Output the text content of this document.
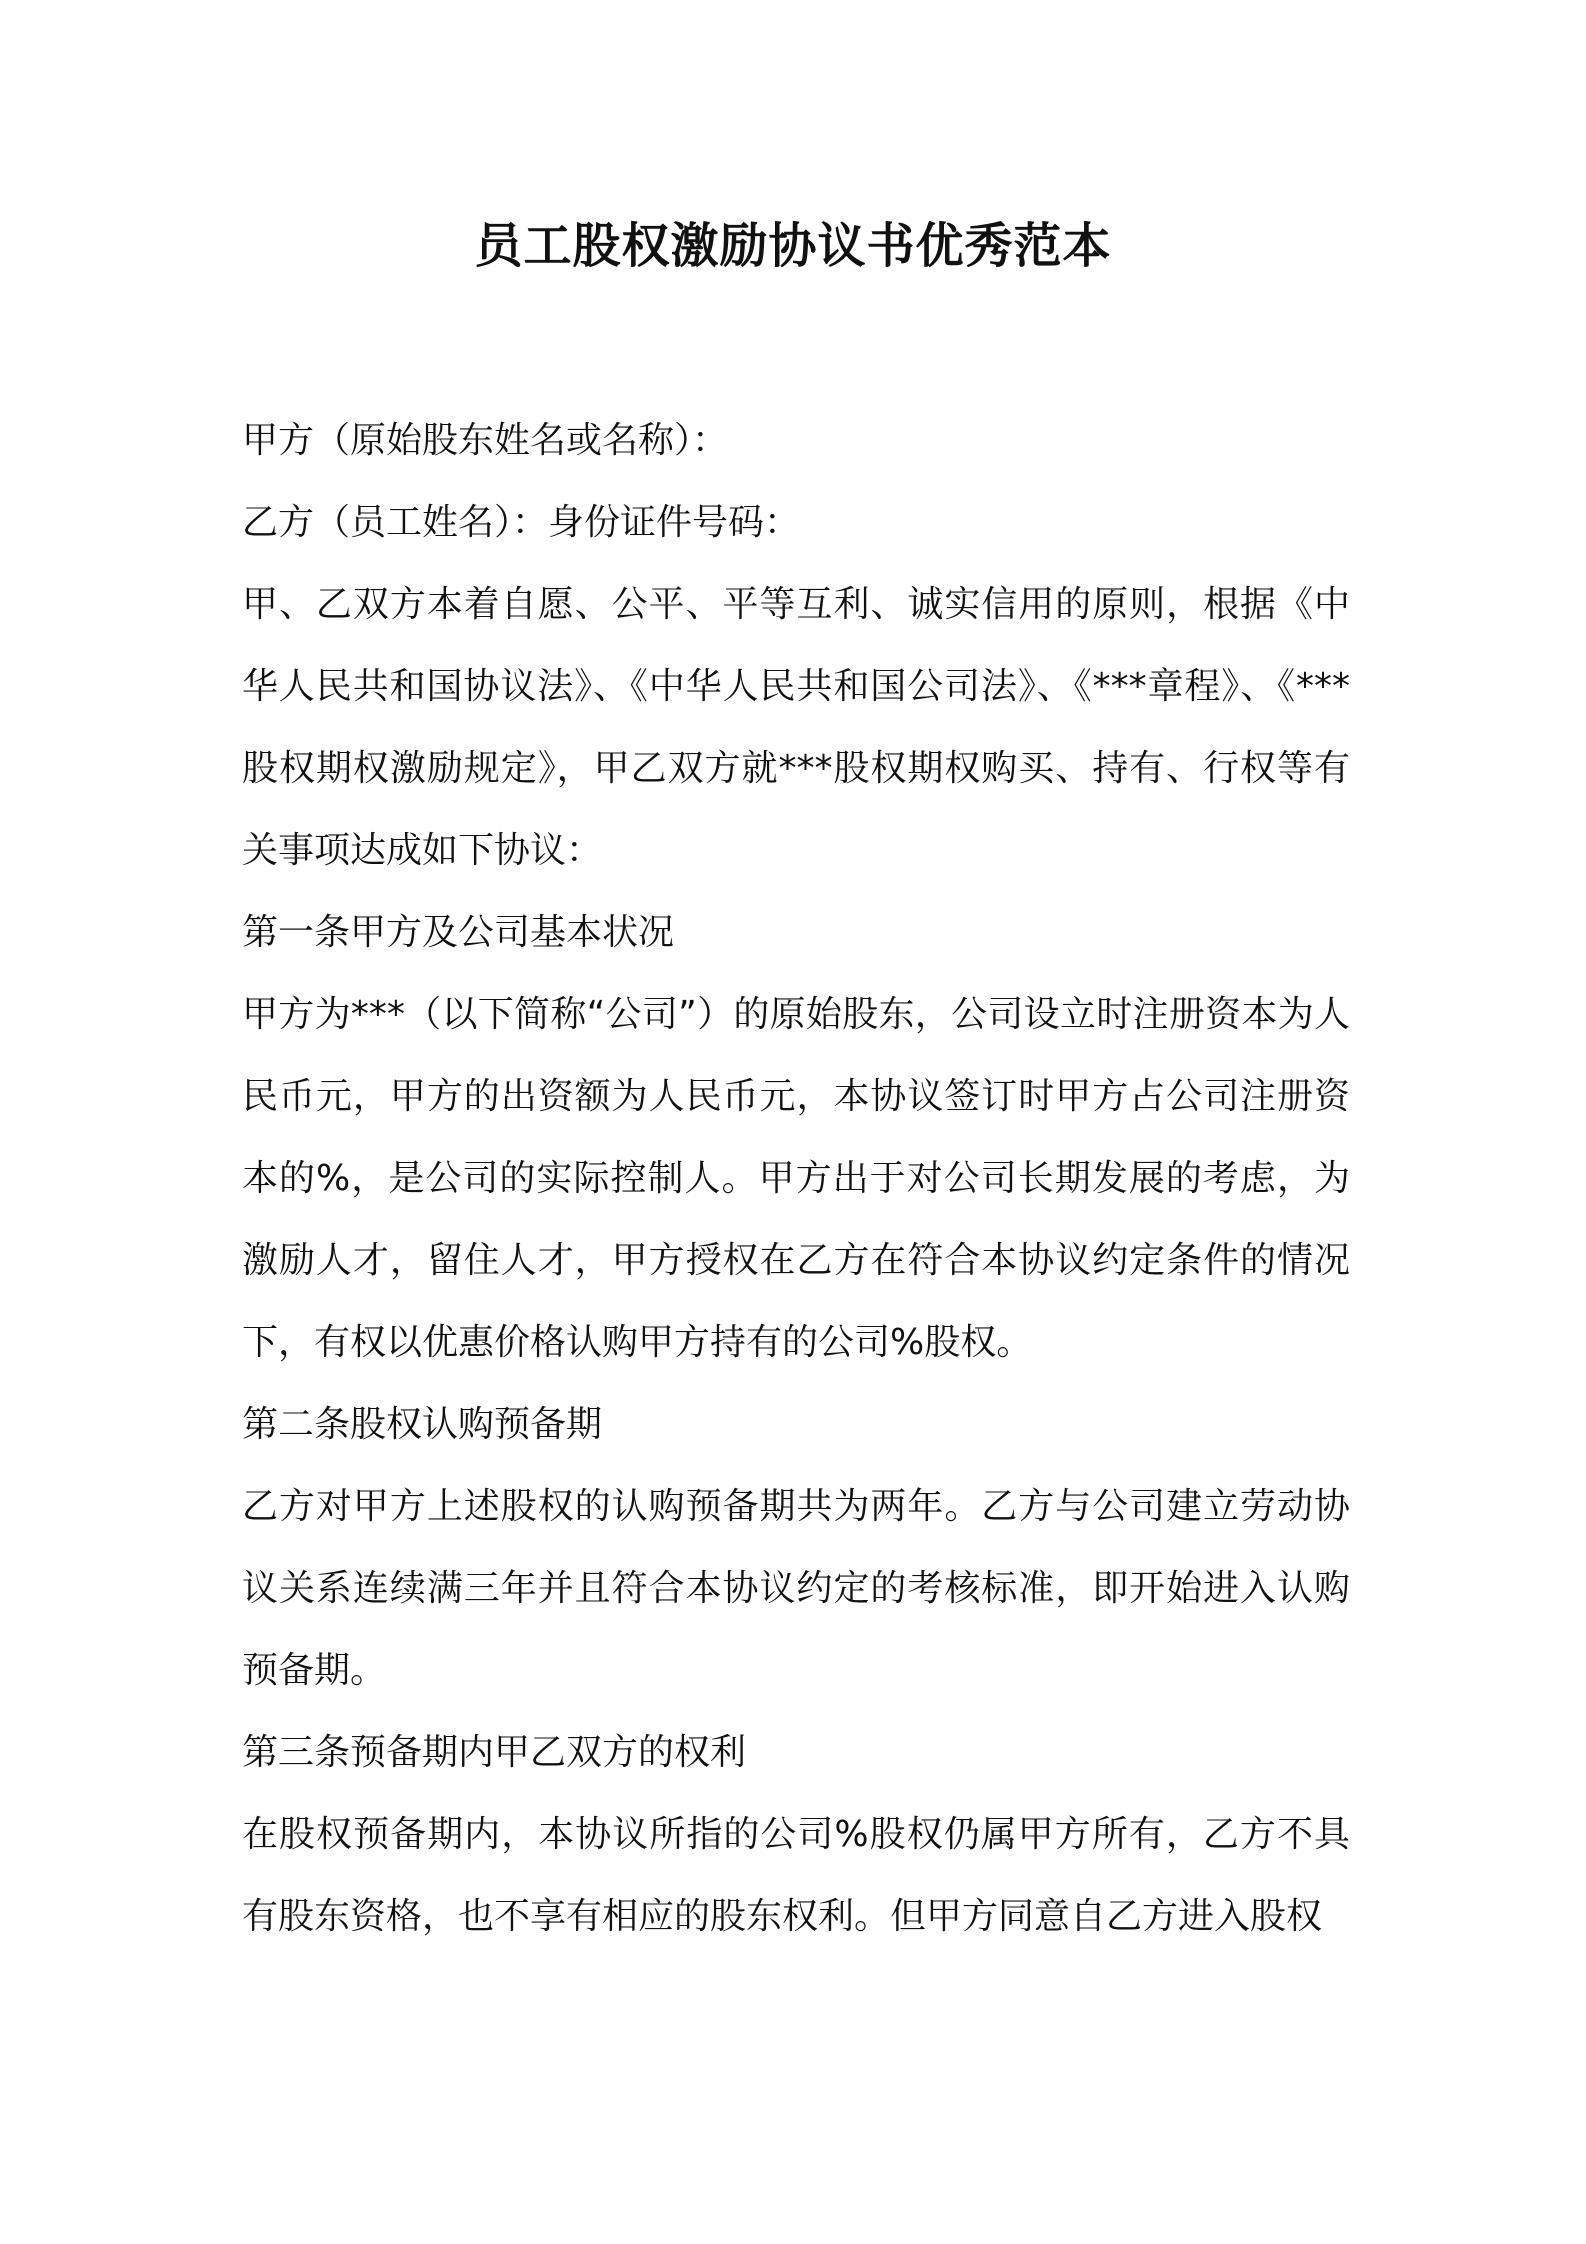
员工股权激励协议书优秀范本

甲方（原始股东姓名或名称）：

乙方（员工姓名）：身份证件号码：

甲、乙双方本着自愿、公平、平等互利、诚实信用的原则，根据《中华人民共和国协议法》、《中华人民共和国公司法》、《***章程》、《***股权期权激励规定》，甲乙双方就***股权期权购买、持有、行权等有关事项达成如下协议：

第一条甲方及公司基本状况

甲方为***（以下简称“公司”）的原始股东，公司设立时注册资本为人民币元，甲方的出资额为人民币元，本协议签订时甲方占公司注册资本的%，是公司的实际控制人。甲方出于对公司长期发展的考虑，为激励人才，留住人才，甲方授权在乙方在符合本协议约定条件的情况下，有权以优惠价格认购甲方持有的公司%股权。

第二条股权认购预备期

乙方对甲方上述股权的认购预备期共为两年。乙方与公司建立劳动协议关系连续满三年并且符合本协议约定的考核标准，即开始进入认购预备期。

第三条预备期内甲乙双方的权利

在股权预备期内，本协议所指的公司%股权仍属甲方所有，乙方不具有股东资格，也不享有相应的股东权利。但甲方同意自乙方进入股权
